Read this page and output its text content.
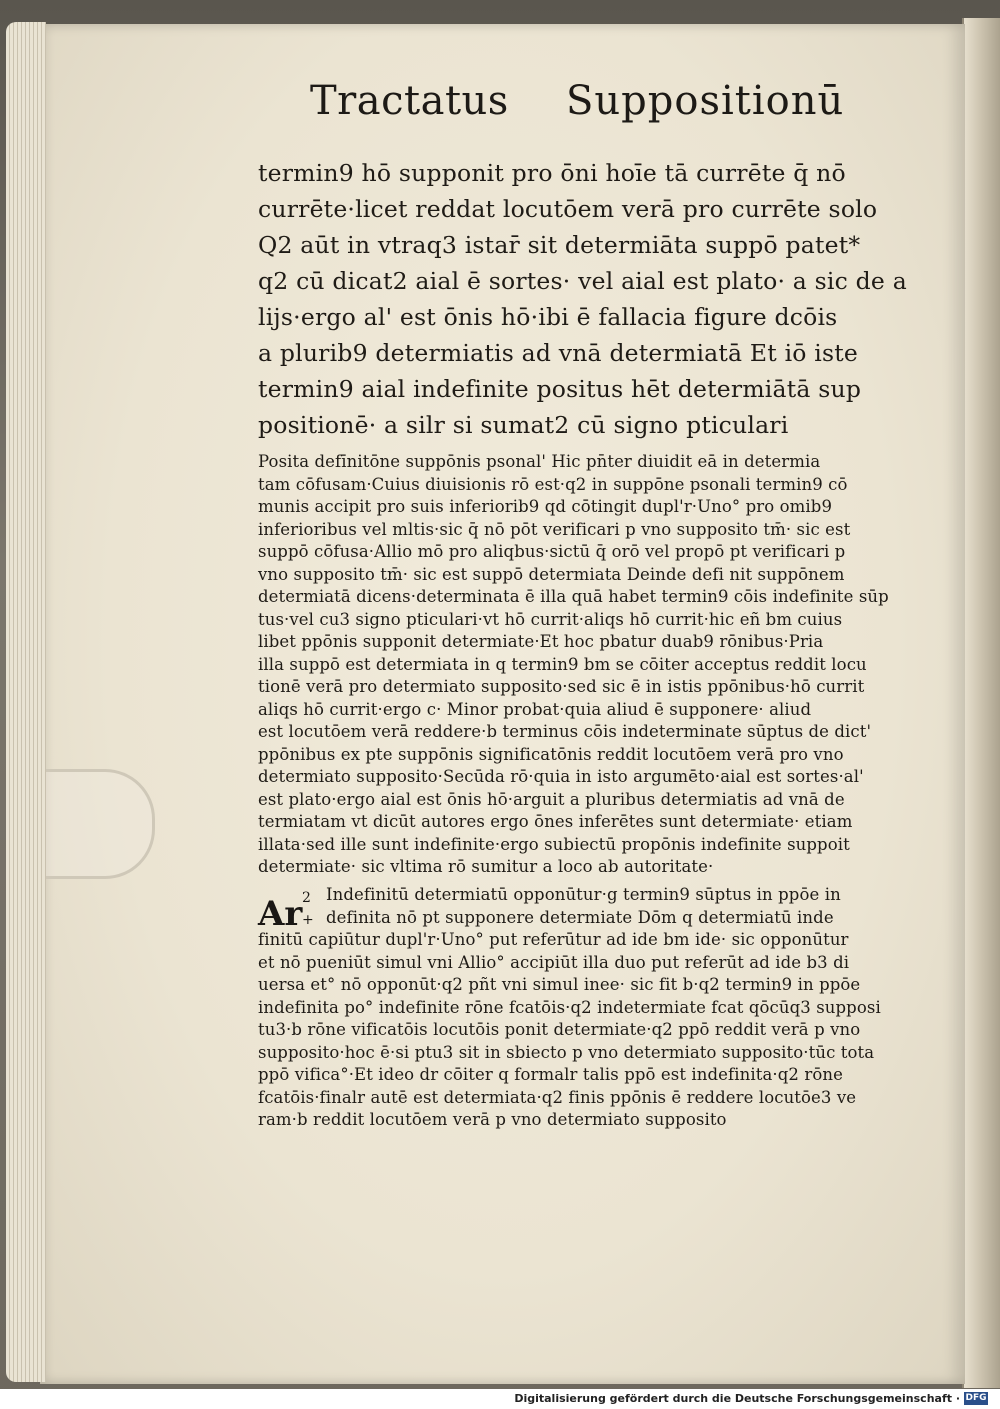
Tractatus Suppositionū
termin9 hō supponit pro ōni hoīe tā currēte q̄ nō
currēte·licet reddat locutōem verā pro currēte solo
Q2 aūt in vtraq3 istar̄ sit determiāta suppō patet*
q2 cū dicat2 aial ē sortes· vel aial est plato· a sic de a
lijs·ergo al' est ōnis hō·ibi ē fallacia figure dcōis
a plurib9 determiatis ad vnā determiatā Et iō iste
termin9 aial indefinite positus hēt determiātā sup
positionē· a silr si sumat2 cū signo pticulari
Posita defīnitōne suppōnis psonal' Hic pn̄ter diuidit eā in determia
tam cōfusam·Cuius diuisionis rō est·q2 in suppōne psonali termin9 cō
munis accipit pro suis inferiorib9 qd cōtingit dupl'r·Uno° pro omib9
inferioribus vel mltis·sic q̄ nō pōt verificari p vno supposito tm̄· sic est
suppō cōfusa·Allio mō pro aliqbus·sictū q̄ orō vel propō pt verificari p
vno supposito tm̄· sic est suppō determiata Deinde defi nit suppōnem
determiatā dicens·determinata ē illa quā habet termin9 cōis indefinite sūp
tus·vel cu3 signo pticulari·vt hō currit·aliqs hō currit·hic eñ bm cuius
libet ppōnis supponit determiate·Et hoc pbatur duab9 rōnibus·Pria
illa suppō est determiata in q termin9 bm se cōiter acceptus reddit locu
tionē verā pro determiato supposito·sed sic ē in istis ppōnibus·hō currit
aliqs hō currit·ergo c· Minor probat·quia aliud ē supponere· aliud
est locutōem verā reddere·b terminus cōis indeterminate sūptus de dict'
ppōnibus ex pte suppōnis significatōnis reddit locutōem verā pro vno
determiato supposito·Secūda rō·quia in isto argumēto·aial est sortes·al'
est plato·ergo aial est ōnis hō·arguit a pluribus determiatis ad vnā de
termiatam vt dicūt autores ergo ōnes inferētes sunt determiate· etiam
illata·sed ille sunt indefinite·ergo subiectū propōnis indefinite suppoit
determiate· sic vltima rō sumitur a loco ab autoritate·
Ar 2
+
Indefinitū determiatū opponūtur·g termin9 sūptus in ppōe in
definita nō pt supponere determiate Dōm q determiatū inde
finitū capiūtur dupl'r·Uno° put referūtur ad ide bm ide· sic opponūtur
et nō pueniūt simul vni Allio° accipiūt illa duo put referūt ad ide b3 di
uersa et° nō opponūt·q2 pñt vni simul inee· sic fit b·q2 termin9 in ppōe
indefinita po° indefinite rōne fcatōis·q2 indetermiate fcat qōcūq3 supposi
tu3·b rōne vificatōis locutōis ponit determiate·q2 ppō reddit verā p vno
supposito·hoc ē·si ptu3 sit in sbiecto p vno determiato supposito·tūc tota
ppō vifica°·Et ideo dr cōiter q formalr talis ppō est indefinita·q2 rōne
fcatōis·finalr autē est determiata·q2 finis ppōnis ē reddere locutōe3 ve
ram·b reddit locutōem verā p vno determiato supposito
Digitalisierung gefördert durch die Deutsche Forschungsgemeinschaft · DFG
